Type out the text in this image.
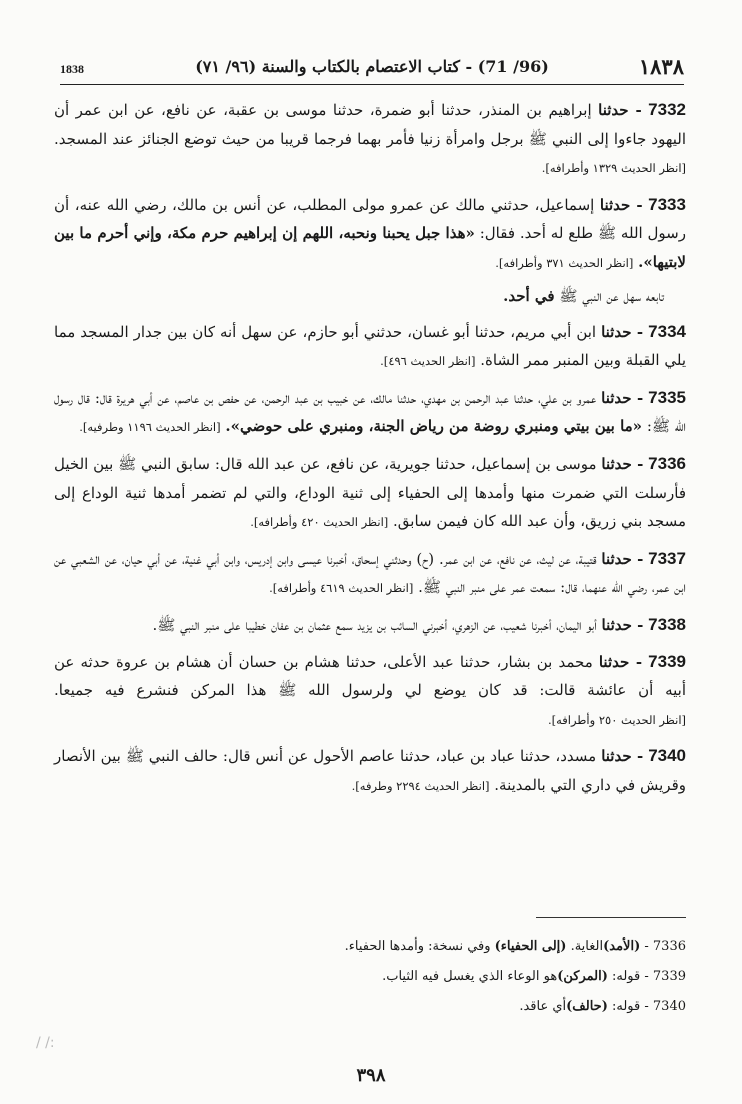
١٨٣٨
(96/ 71) - كتاب الاعتصام بالكتاب والسنة (٩٦/ ٧١)
1838

7332 - حدثنا إبراهيم بن المنذر، حدثنا أبو ضمرة، حدثنا موسى بن عقبة، عن نافع، عن ابن عمر أن اليهود جاءوا إلى النبي ﷺ برجل وامرأة زنيا فأمر بهما فرجما قريبا من حيث توضع الجنائز عند المسجد. [انظر الحديث ١٣٢٩ وأطرافه].

7333 - حدثنا إسماعيل، حدثني مالك عن عمرو مولى المطلب، عن أنس بن مالك، رضي الله عنه، أن رسول الله ﷺ طلع له أحد. فقال: «هذا جبل يحبنا ونحبه، اللهم إن إبراهيم حرم مكة، وإني أحرم ما بين لابتيها». [انظر الحديث ٣٧١ وأطرافه].

تابعه سهل عن النبي ﷺ في أحد.

7334 - حدثنا ابن أبي مريم، حدثنا أبو غسان، حدثني أبو حازم، عن سهل أنه كان بين جدار المسجد مما يلي القبلة وبين المنبر ممر الشاة. [انظر الحديث ٤٩٦].

7335 - حدثنا عمرو بن علي، حدثنا عبد الرحمن بن مهدي، حدثنا مالك، عن خبيب بن عبد الرحمن، عن حفص بن عاصم، عن أبي هريرة قال: قال رسول الله ﷺ: «ما بين بيتي ومنبري روضة من رياض الجنة، ومنبري على حوضي». [انظر الحديث ١١٩٦ وطرفيه].

7336 - حدثنا موسى بن إسماعيل، حدثنا جويرية، عن نافع، عن عبد الله قال: سابق النبي ﷺ بين الخيل فأرسلت التي ضمرت منها وأمدها إلى الحفياء إلى ثنية الوداع، والتي لم تضمر أمدها ثنية الوداع إلى مسجد بني زريق، وأن عبد الله كان فيمن سابق. [انظر الحديث ٤٢٠ وأطرافه].

7337 - حدثنا قتيبة، عن ليث، عن نافع، عن ابن عمر. (ح) وحدثني إسحاق، أخبرنا عيسى وابن إدريس، وابن أبي غنية، عن أبي حيان، عن الشعبي عن ابن عمر، رضي الله عنهما، قال: سمعت عمر على منبر النبي ﷺ. [انظر الحديث ٤٦١٩ وأطرافه].

7338 - حدثنا أبو اليمان، أخبرنا شعيب، عن الزهري، أخبرني السائب بن يزيد سمع عثمان بن عفان خطيبا على منبر النبي ﷺ.

7339 - حدثنا محمد بن بشار، حدثنا عبد الأعلى، حدثنا هشام بن حسان أن هشام بن عروة حدثه عن أبيه أن عائشة قالت: قد كان يوضع لي ولرسول الله ﷺ هذا المركن فنشرع فيه جميعا. [انظر الحديث ٢٥٠ وأطرافه].

7340 - حدثنا مسدد، حدثنا عباد بن عباد، حدثنا عاصم الأحول عن أنس قال: حالف النبي ﷺ بين الأنصار وقريش في داري التي بالمدينة. [انظر الحديث ٢٢٩٤ وطرفه].

7336 - (الأمد)الغاية. (إلى الحفياء) وفي نسخة: وأمدها الحفياء.
7339 - قوله: (المركن)هو الوعاء الذي يغسل فيه الثياب.
7340 - قوله: (حالف)أي عاقد.
/ /:
٣٩٨
